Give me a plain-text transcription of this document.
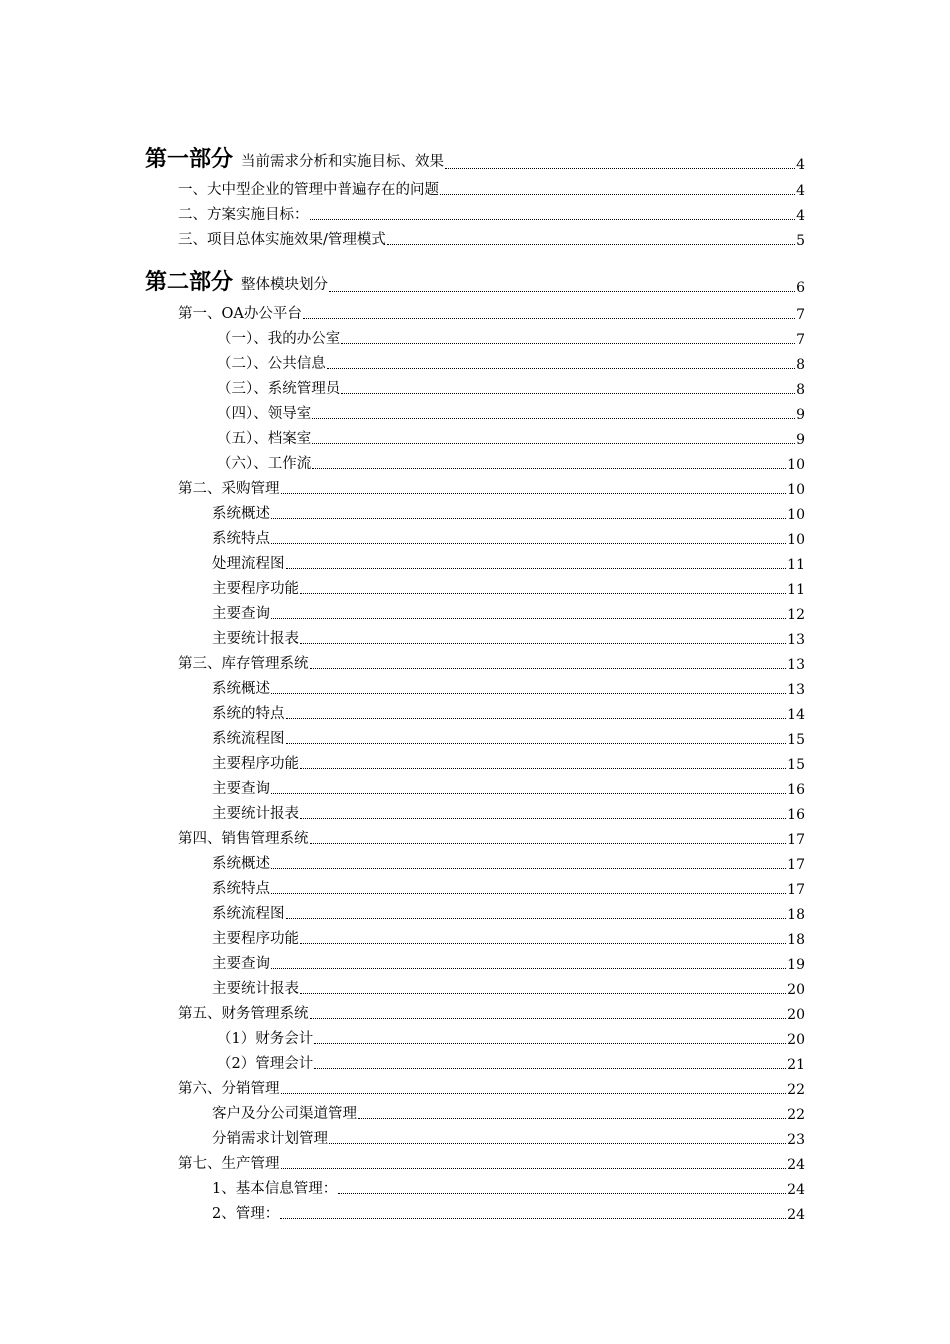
第一部分 当前需求分析和实施目标、效果	4
一、大中型企业的管理中普遍存在的问题	4
二、方案实施目标：	4
三、项目总体实施效果/管理模式	5
第二部分 整体模块划分	6
第一、OA办公平台	7
（一）、我的办公室	7
（二）、公共信息	8
（三）、系统管理员	8
（四）、领导室	9
（五）、档案室	9
（六）、工作流	10
第二、采购管理	10
系统概述	10
系统特点	10
处理流程图	11
主要程序功能	11
主要查询	12
主要统计报表	13
第三、库存管理系统	13
系统概述	13
系统的特点	14
系统流程图	15
主要程序功能	15
主要查询	16
主要统计报表	16
第四、销售管理系统	17
系统概述	17
系统特点	17
系统流程图	18
主要程序功能	18
主要查询	19
主要统计报表	20
第五、财务管理系统	20
（1）财务会计	20
（2）管理会计	21
第六、分销管理	22
客户及分公司渠道管理	22
分销需求计划管理	23
第七、生产管理	24
1、基本信息管理：	24
2、管理：	24
